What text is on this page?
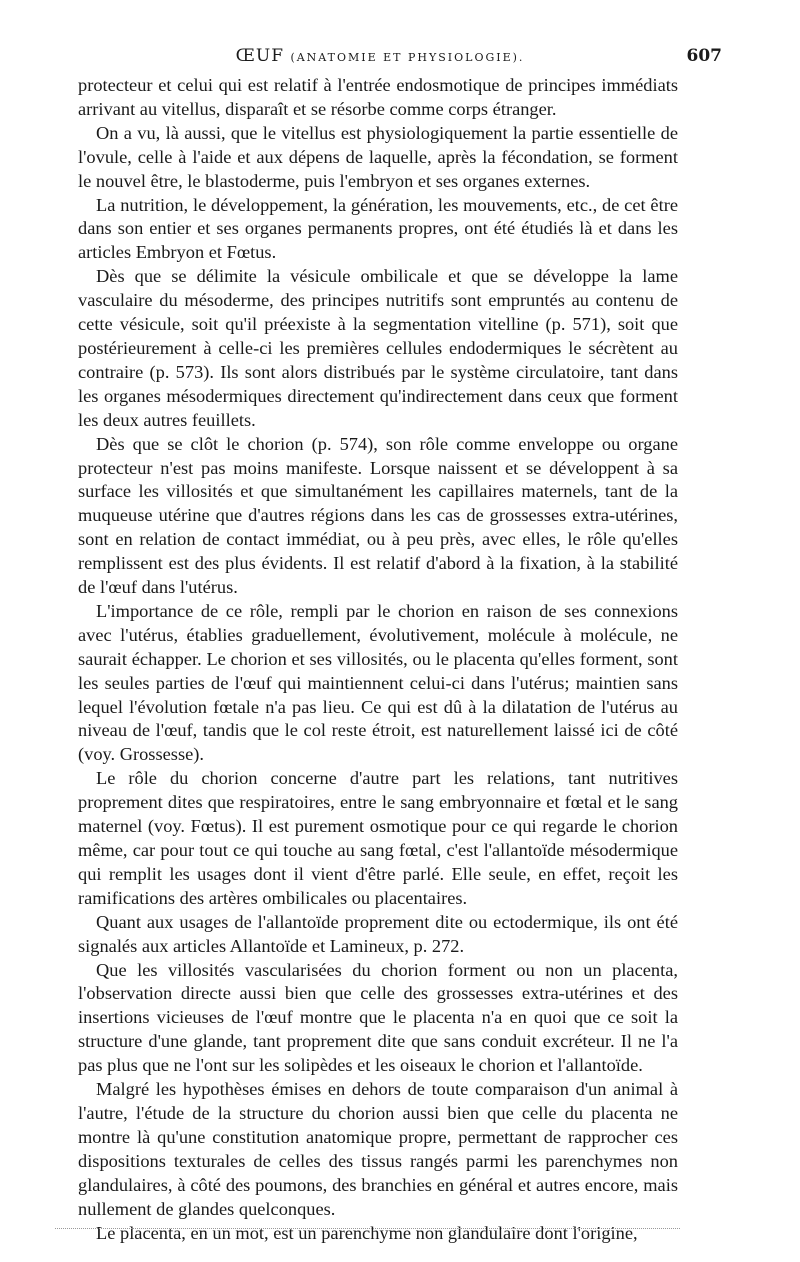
ŒUF (ANATOMIE ET PHYSIOLOGIE).	607

protecteur et celui qui est relatif à l'entrée endosmotique de principes immédiats arrivant au vitellus, disparaît et se résorbe comme corps étranger.

On a vu, là aussi, que le vitellus est physiologiquement la partie essentielle de l'ovule, celle à l'aide et aux dépens de laquelle, après la fécondation, se forment le nouvel être, le blastoderme, puis l'embryon et ses organes externes.

La nutrition, le développement, la génération, les mouvements, etc., de cet être dans son entier et ses organes permanents propres, ont été étudiés là et dans les articles Embryon et Fœtus.

Dès que se délimite la vésicule ombilicale et que se développe la lame vasculaire du mésoderme, des principes nutritifs sont empruntés au contenu de cette vésicule, soit qu'il préexiste à la segmentation vitelline (p. 571), soit que postérieurement à celle-ci les premières cellules endodermiques le sécrètent au contraire (p. 573). Ils sont alors distribués par le système circulatoire, tant dans les organes mésodermiques directement qu'indirectement dans ceux que forment les deux autres feuillets.

Dès que se clôt le chorion (p. 574), son rôle comme enveloppe ou organe protecteur n'est pas moins manifeste. Lorsque naissent et se développent à sa surface les villosités et que simultanément les capillaires maternels, tant de la muqueuse utérine que d'autres régions dans les cas de grossesses extra-utérines, sont en relation de contact immédiat, ou à peu près, avec elles, le rôle qu'elles remplissent est des plus évidents. Il est relatif d'abord à la fixation, à la stabilité de l'œuf dans l'utérus.

L'importance de ce rôle, rempli par le chorion en raison de ses connexions avec l'utérus, établies graduellement, évolutivement, molécule à molécule, ne saurait échapper. Le chorion et ses villosités, ou le placenta qu'elles forment, sont les seules parties de l'œuf qui maintiennent celui-ci dans l'utérus; maintien sans lequel l'évolution fœtale n'a pas lieu. Ce qui est dû à la dilatation de l'utérus au niveau de l'œuf, tandis que le col reste étroit, est naturellement laissé ici de côté (voy. Grossesse).

Le rôle du chorion concerne d'autre part les relations, tant nutritives proprement dites que respiratoires, entre le sang embryonnaire et fœtal et le sang maternel (voy. Fœtus). Il est purement osmotique pour ce qui regarde le chorion même, car pour tout ce qui touche au sang fœtal, c'est l'allantoïde mésodermique qui remplit les usages dont il vient d'être parlé. Elle seule, en effet, reçoit les ramifications des artères ombilicales ou placentaires.

Quant aux usages de l'allantoïde proprement dite ou ectodermique, ils ont été signalés aux articles Allantoïde et Lamineux, p. 272.

Que les villosités vascularisées du chorion forment ou non un placenta, l'observation directe aussi bien que celle des grossesses extra-utérines et des insertions vicieuses de l'œuf montre que le placenta n'a en quoi que ce soit la structure d'une glande, tant proprement dite que sans conduit excréteur. Il ne l'a pas plus que ne l'ont sur les solipèdes et les oiseaux le chorion et l'allantoïde.

Malgré les hypothèses émises en dehors de toute comparaison d'un animal à l'autre, l'étude de la structure du chorion aussi bien que celle du placenta ne montre là qu'une constitution anatomique propre, permettant de rapprocher ces dispositions texturales de celles des tissus rangés parmi les parenchymes non glandulaires, à côté des poumons, des branchies en général et autres encore, mais nullement de glandes quelconques.

Le placenta, en un mot, est un parenchyme non glandulaire dont l'origine,
